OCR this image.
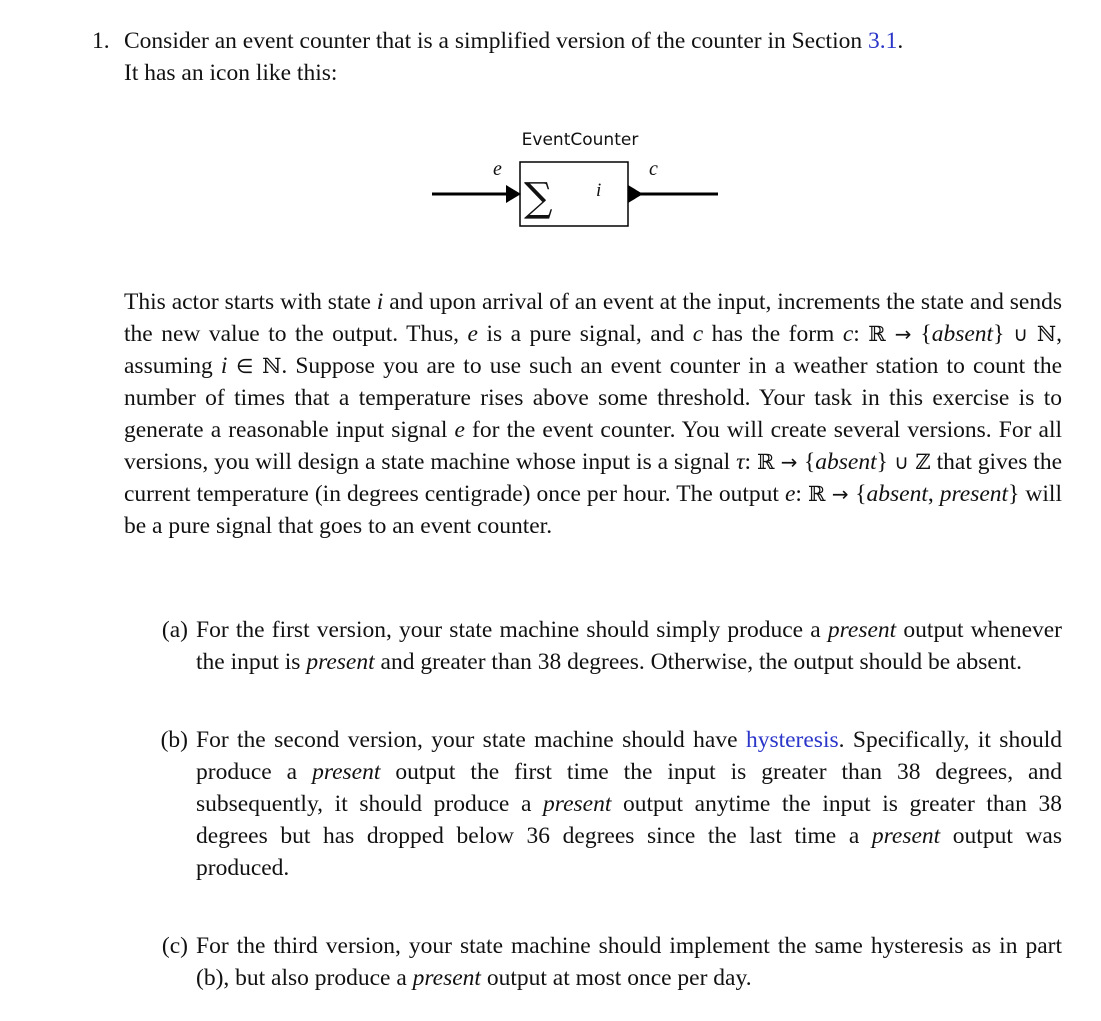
1. Consider an event counter that is a simplified version of the counter in Section 3.1.
It has an icon like this:
EventCounter
e	c
∑ i

This actor starts with state i and upon arrival of an event at the input, increments the state and sends the new value to the output. Thus, e is a pure signal, and c has the form c: ℝ → {absent} ∪ ℕ, assuming i ∈ ℕ. Suppose you are to use such an event counter in a weather station to count the number of times that a temperature rises above some threshold. Your task in this exercise is to generate a reasonable input signal e for the event counter. You will create several versions. For all versions, you will design a state machine whose input is a signal τ: ℝ → {absent} ∪ ℤ that gives the current temperature (in degrees centigrade) once per hour. The output e: ℝ → {absent, present} will be a pure signal that goes to an event counter.

(a) For the first version, your state machine should simply produce a present output whenever the input is present and greater than 38 degrees. Otherwise, the output should be absent.

(b) For the second version, your state machine should have hysteresis. Specifically, it should produce a present output the first time the input is greater than 38 degrees, and subsequently, it should produce a present output anytime the input is greater than 38 degrees but has dropped below 36 degrees since the last time a present output was produced.

(c) For the third version, your state machine should implement the same hysteresis as in part (b), but also produce a present output at most once per day.
